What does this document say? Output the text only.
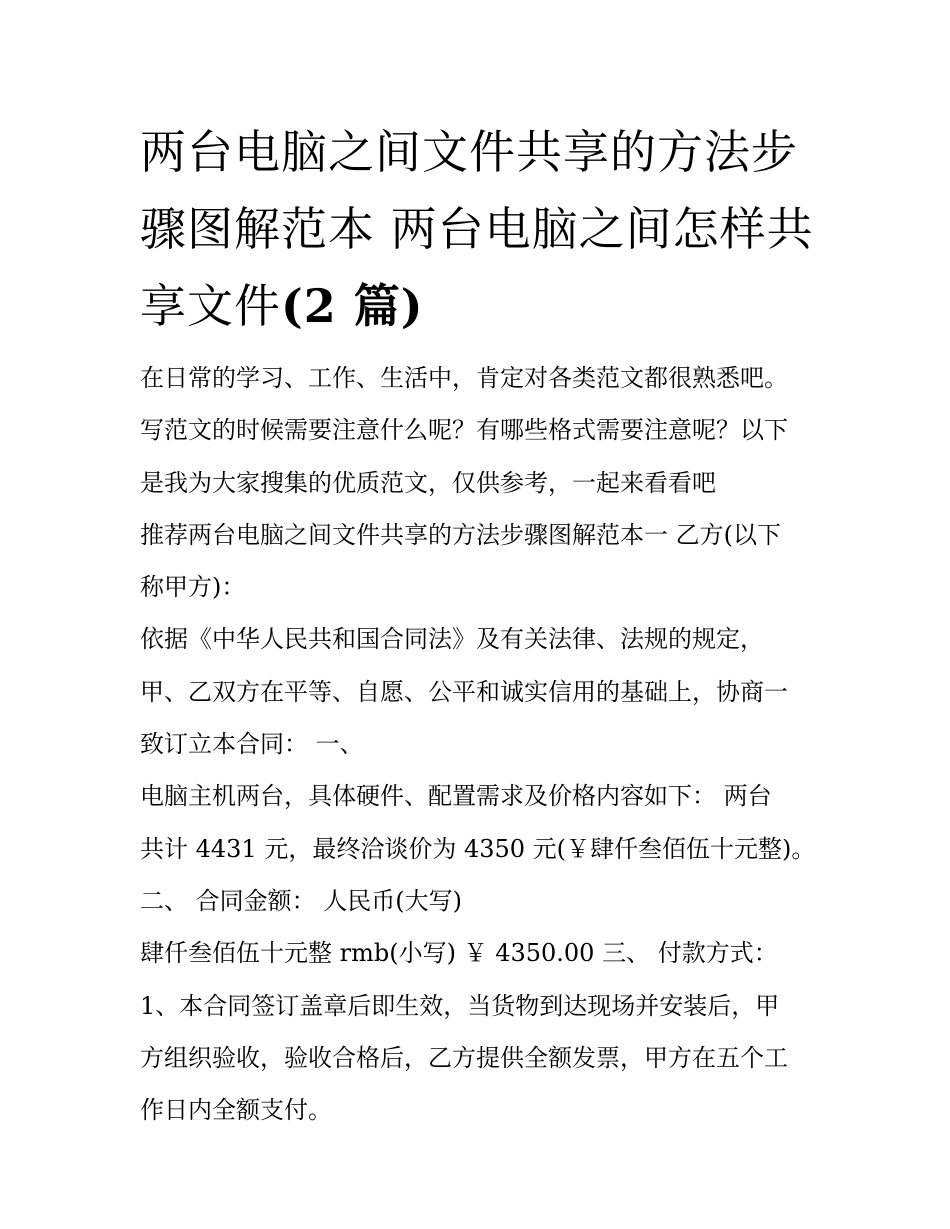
两台电脑之间文件共享的方法步骤图解范本 两台电脑之间怎样共享文件(2 篇)

在日常的学习、工作、生活中，肯定对各类范文都很熟悉吧。

写范文的时候需要注意什么呢？有哪些格式需要注意呢？以下

是我为大家搜集的优质范文，仅供参考，一起来看看吧

推荐两台电脑之间文件共享的方法步骤图解范本一 乙方(以下

称甲方)：

依据《中华人民共和国合同法》及有关法律、法规的规定，

甲、乙双方在平等、自愿、公平和诚实信用的基础上，协商一

致订立本合同： 一、

电脑主机两台，具体硬件、配置需求及价格内容如下： 两台

共计 4431 元，最终洽谈价为 4350 元(￥肆仟叁佰伍十元整)。

二、 合同金额： 人民币(大写)

肆仟叁佰伍十元整 rmb(小写) ￥ 4350.00 三、 付款方式：

1、本合同签订盖章后即生效，当货物到达现场并安装后，甲

方组织验收，验收合格后，乙方提供全额发票，甲方在五个工

作日内全额支付。
